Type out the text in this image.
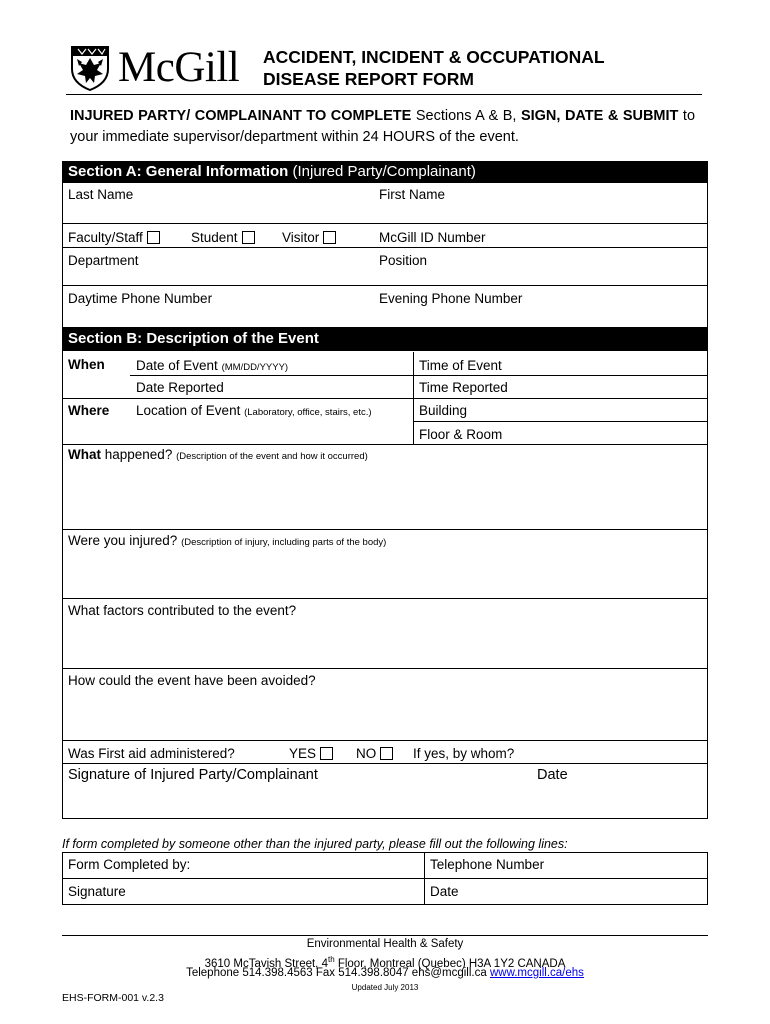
McGill ACCIDENT, INCIDENT & OCCUPATIONAL
DISEASE REPORT FORM
INJURED PARTY/ COMPLAINANT TO COMPLETE Sections A & B, SIGN, DATE & SUBMIT to your immediate supervisor/department within 24 HOURS of the event.
Section A: General Information (Injured Party/Complainant)
Last Name	First Name
Faculty/Staff	Student	Visitor	McGill ID Number
Department	Position
Daytime Phone Number	Evening Phone Number
Section B: Description of the Event
When Date of Event (MM/DD/YYYY)	Time of Event
Date Reported	Time Reported
Where Location of Event (Laboratory, office, stairs, etc.)	Building
Floor & Room
What happened? (Description of the event and how it occurred)
Were you injured? (Description of injury, including parts of the body)
What factors contributed to the event?
How could the event have been avoided?
Was First aid administered?	YES	NO	If yes, by whom?
Signature of Injured Party/Complainant	Date
If form completed by someone other than the injured party, please fill out the following lines:
Form Completed by:	Telephone Number
Signature	Date
Environmental Health & Safety
3610 McTavish Street, 4th Floor, Montreal (Quebec) H3A 1Y2 CANADA
Telephone 514.398.4563 Fax 514.398.8047 ehs@mcgill.ca www.mcgill.ca/ehs
Updated July 2013
EHS-FORM-001 v.2.3
